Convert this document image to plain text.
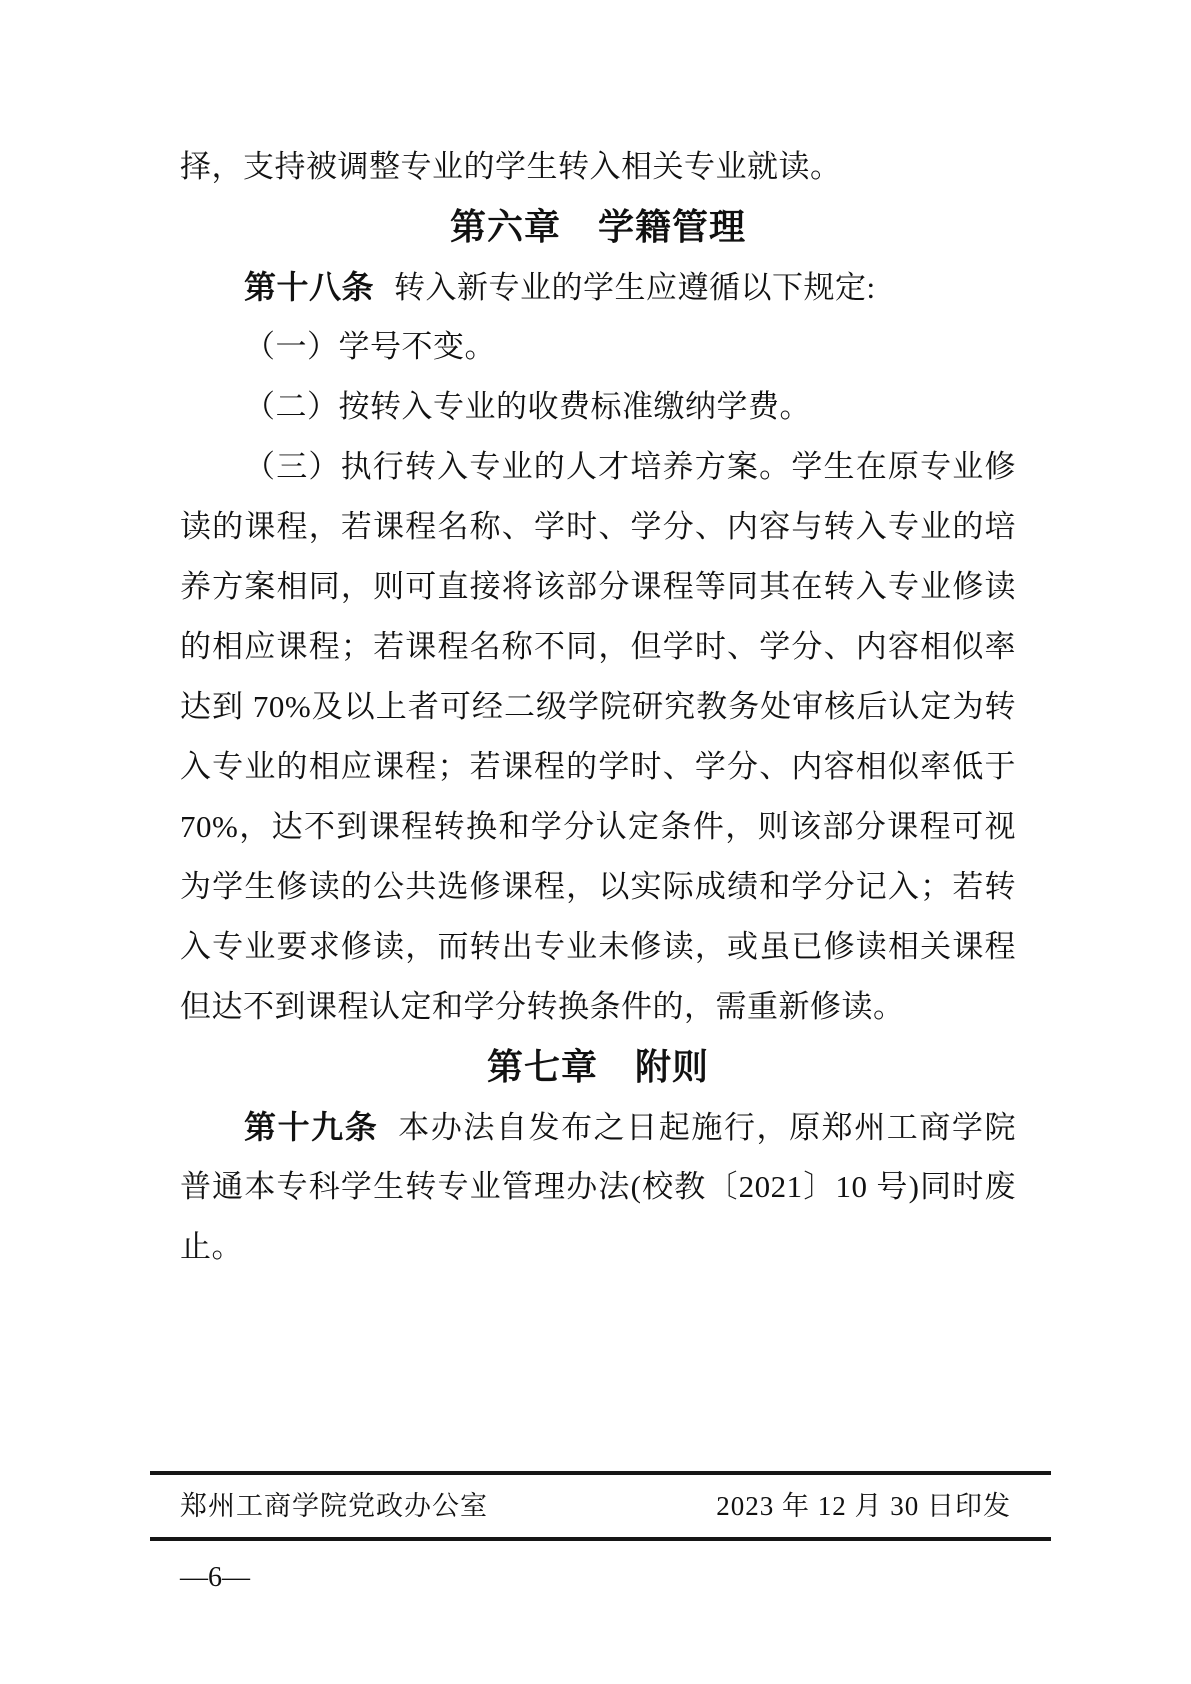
择，支持被调整专业的学生转入相关专业就读。
第六章　学籍管理
第十八条 转入新专业的学生应遵循以下规定:
（一）学号不变。
（二）按转入专业的收费标准缴纳学费。
（三）执行转入专业的人才培养方案。学生在原专业修
读的课程，若课程名称、学时、学分、内容与转入专业的培
养方案相同，则可直接将该部分课程等同其在转入专业修读
的相应课程；若课程名称不同，但学时、学分、内容相似率
达到 70%及以上者可经二级学院研究教务处审核后认定为转
入专业的相应课程；若课程的学时、学分、内容相似率低于
70%，达不到课程转换和学分认定条件，则该部分课程可视
为学生修读的公共选修课程，以实际成绩和学分记入；若转
入专业要求修读，而转出专业未修读，或虽已修读相关课程
但达不到课程认定和学分转换条件的，需重新修读。
第七章　附则
第十九条 本办法自发布之日起施行，原郑州工商学院
普通本专科学生转专业管理办法(校教〔2021〕10 号)同时废
止。
郑州工商学院党政办公室	2023 年 12 月 30 日印发
—6—
